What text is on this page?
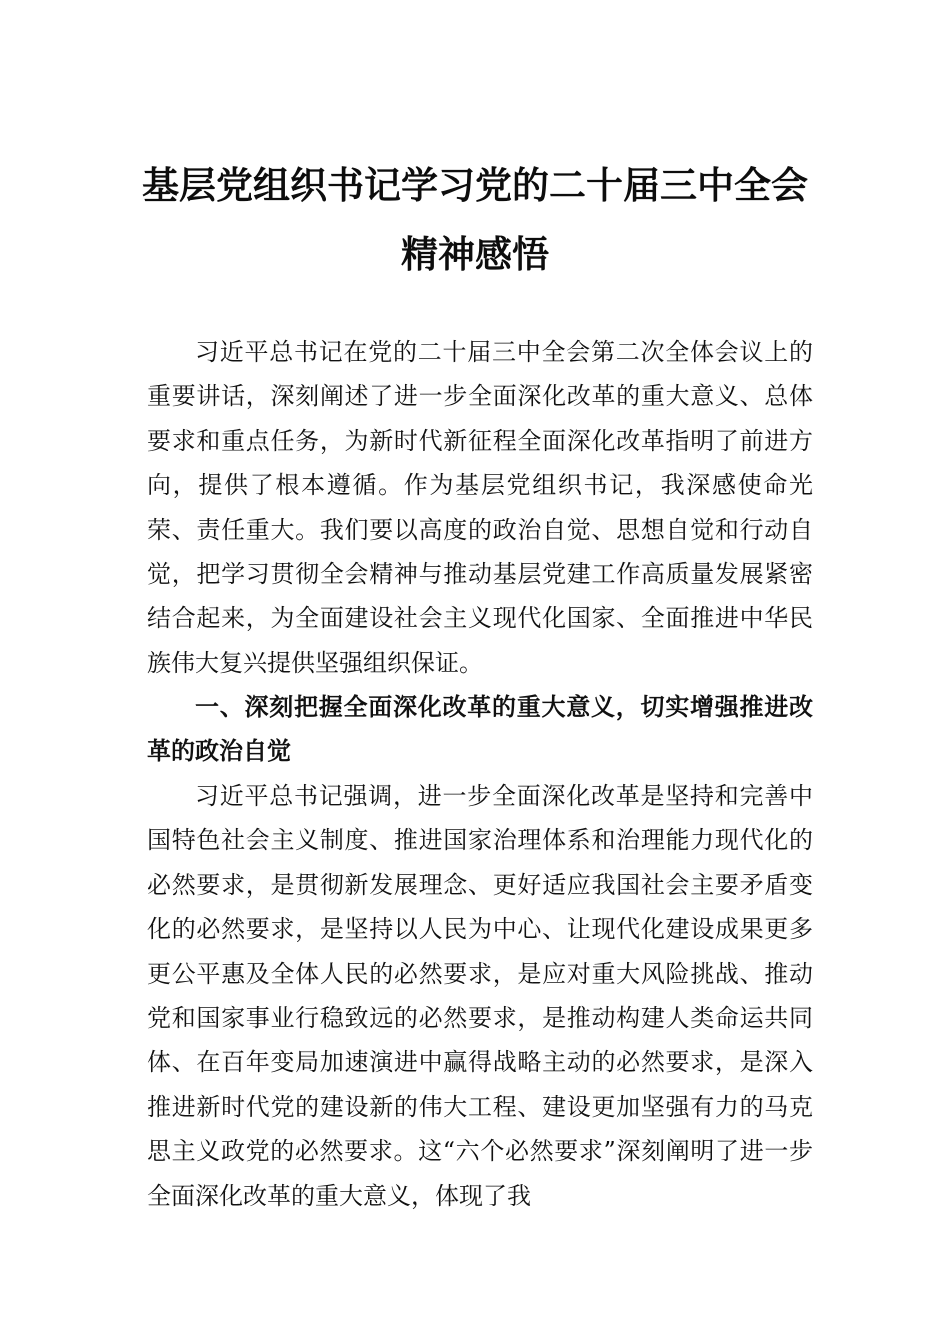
基层党组织书记学习党的二十届三中全会
精神感悟

习近平总书记在党的二十届三中全会第二次全体会议上的重要讲话，深刻阐述了进一步全面深化改革的重大意义、总体要求和重点任务，为新时代新征程全面深化改革指明了前进方向，提供了根本遵循。作为基层党组织书记，我深感使命光荣、责任重大。我们要以高度的政治自觉、思想自觉和行动自觉，把学习贯彻全会精神与推动基层党建工作高质量发展紧密结合起来，为全面建设社会主义现代化国家、全面推进中华民族伟大复兴提供坚强组织保证。

一、深刻把握全面深化改革的重大意义，切实增强推进改革的政治自觉

习近平总书记强调，进一步全面深化改革是坚持和完善中国特色社会主义制度、推进国家治理体系和治理能力现代化的必然要求，是贯彻新发展理念、更好适应我国社会主要矛盾变化的必然要求，是坚持以人民为中心、让现代化建设成果更多更公平惠及全体人民的必然要求，是应对重大风险挑战、推动党和国家事业行稳致远的必然要求，是推动构建人类命运共同体、在百年变局加速演进中赢得战略主动的必然要求，是深入推进新时代党的建设新的伟大工程、建设更加坚强有力的马克思主义政党的必然要求。这“六个必然要求”深刻阐明了进一步全面深化改革的重大意义，体现了我
